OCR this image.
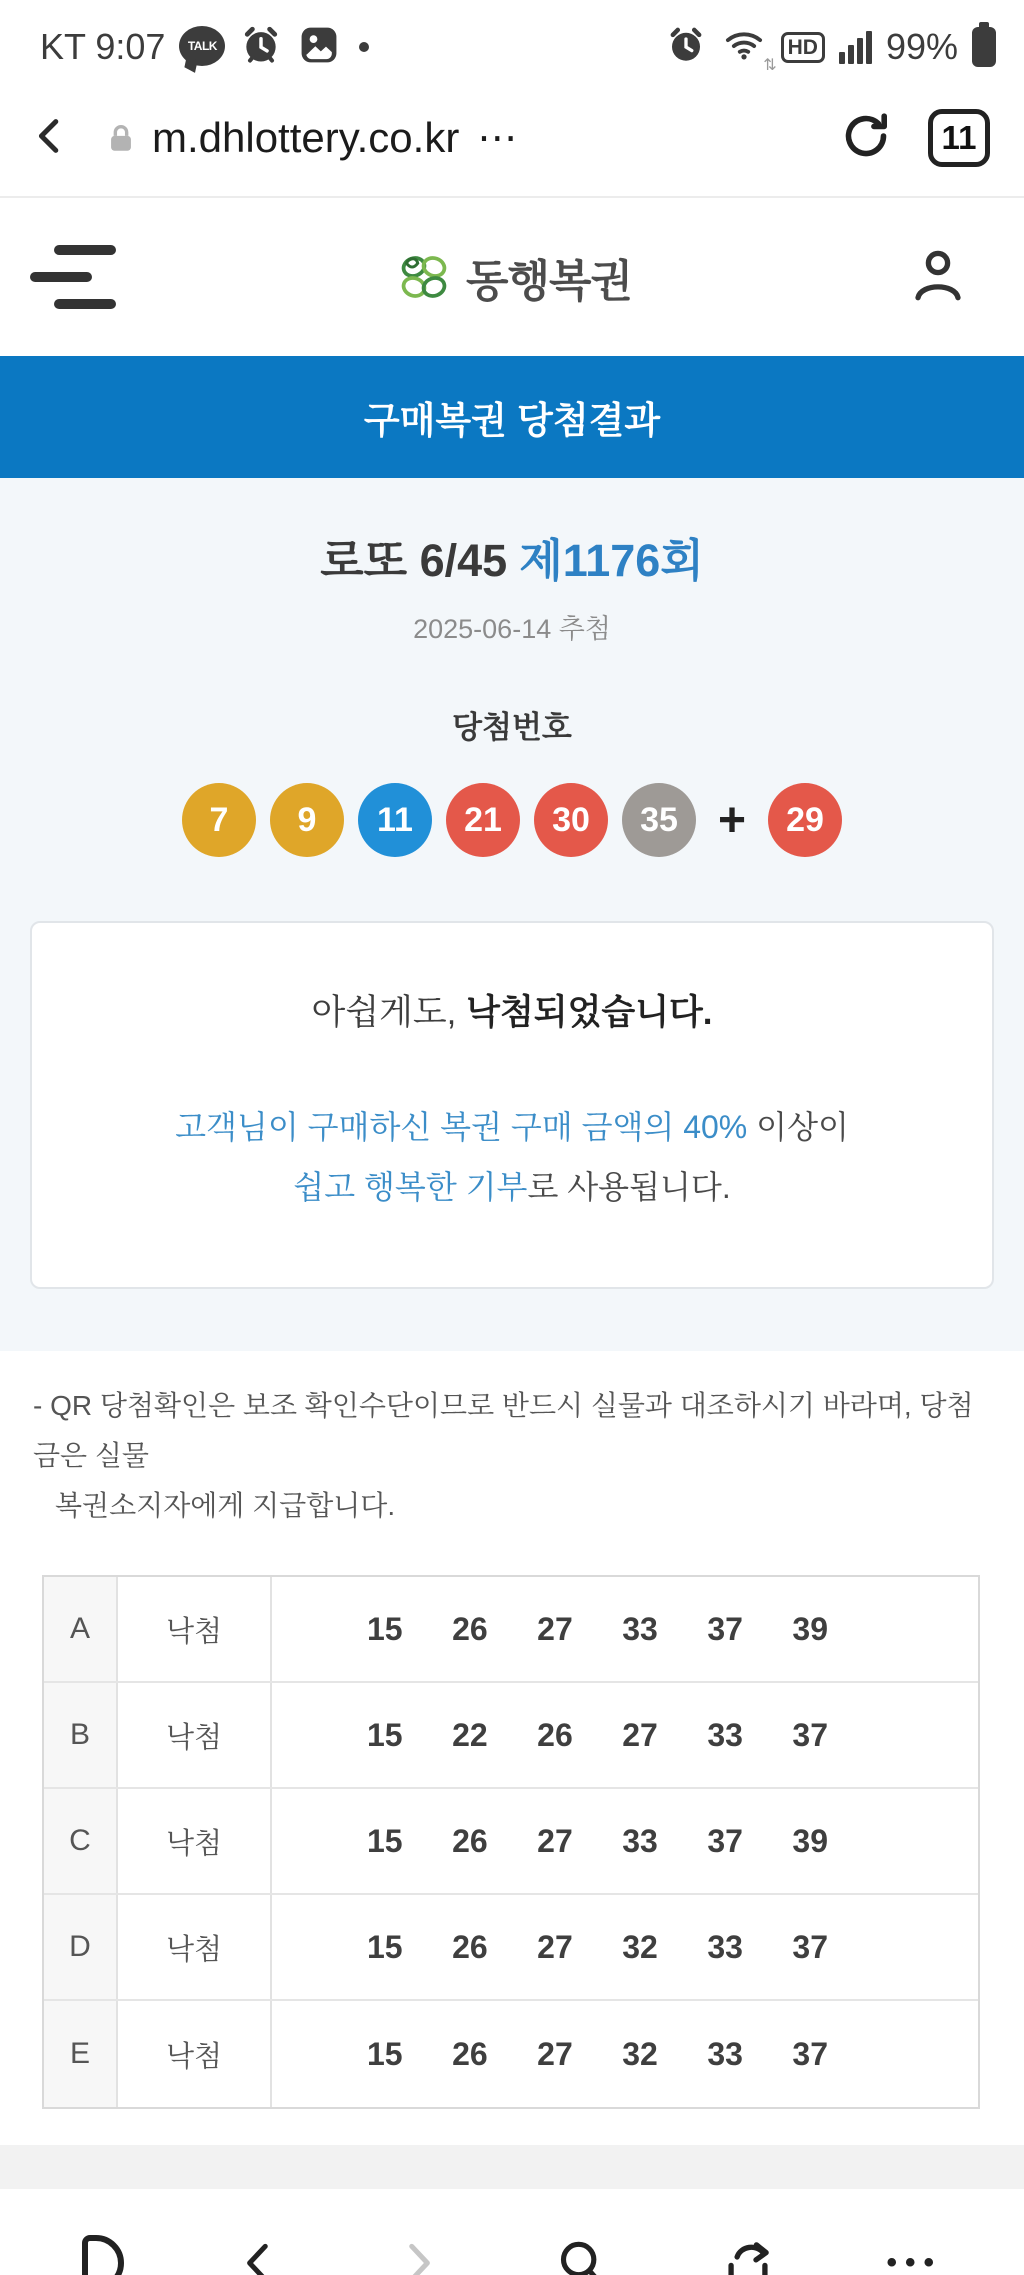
KT 9:07 TALK
⇅
HD 99%
m.dhlottery.co.kr ⋯	11
동행복권
구매복권 당첨결과
로또 6/45 제1176회
2025-06-14 추첨
당첨번호
7	9	11	21	30	35 +	29

아쉽게도, 낙첨되었습니다.

고객님이 구매하신 복권 구매 금액의 40% 이상이
쉽고 행복한 기부로 사용됩니다.

- QR 당첨확인은 보조 확인수단이므로 반드시 실물과 대조하시기 바라며, 당첨금은 실물
복권소지자에게 지급합니다.
A	낙첨	15 26 27 33 37 39
B	낙첨	15 22 26 27 33 37
C	낙첨	15 26 27 33 37 39
D	낙첨	15 26 27 32 33 37
E	낙첨	15 26 27 32 33 37
•••
